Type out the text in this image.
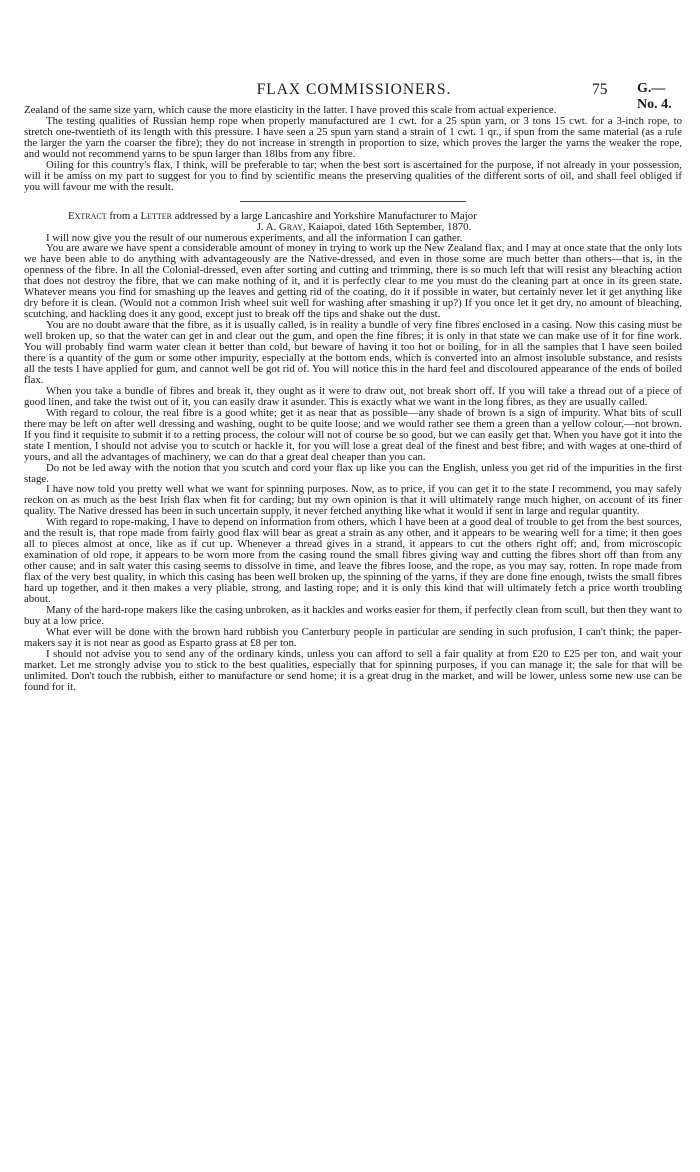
FLAX COMMISSIONERS.	75 G.—No. 4.

Zealand of the same size yarn, which cause the more elasticity in the latter. I have proved this scale from actual experience.

The testing qualities of Russian hemp rope when properly manufactured are 1 cwt. for a 25 spun yarn, or 3 tons 15 cwt. for a 3-inch rope, to stretch one-twentieth of its length with this pressure. I have seen a 25 spun yarn stand a strain of 1 cwt. 1 qr., if spun from the same material (as a rule the larger the yarn the coarser the fibre); they do not increase in strength in proportion to size, which proves the larger the yarns the weaker the rope, and would not recommend yarns to be spun larger than 18lbs from any fibre.

Oiling for this country's flax, I think, will be preferable to tar; when the best sort is ascertained for the purpose, if not already in your possession, will it be amiss on my part to suggest for you to find by scientific means the preserving qualities of the different sorts of oil, and shall feel obliged if you will favour me with the result.

Extract from a Letter addressed by a large Lancashire and Yorkshire Manufacturer to Major
J. A. Gray, Kaiapoi, dated 16th September, 1870.

I will now give you the result of our numerous experiments, and all the information I can gather.

You are aware we have spent a considerable amount of money in trying to work up the New Zealand flax, and I may at once state that the only lots we have been able to do anything with advantageously are the Native-dressed, and even in those some are much better than others—that is, in the openness of the fibre. In all the Colonial-dressed, even after sorting and cutting and trimming, there is so much left that will resist any bleaching action that does not destroy the fibre, that we can make nothing of it, and it is perfectly clear to me you must do the cleaning part at once in its green state. Whatever means you find for smashing up the leaves and getting rid of the coating, do it if possible in water, but certainly never let it get anything like dry before it is clean. (Would not a common Irish wheel suit well for washing after smashing it up?) If you once let it get dry, no amount of bleaching, scutching, and hackling does it any good, except just to break off the tips and shake out the dust.

You are no doubt aware that the fibre, as it is usually called, is in reality a bundle of very fine fibres enclosed in a casing. Now this casing must be well broken up, so that the water can get in and clear out the gum, and open the fine fibres; it is only in that state we can make use of it for fine work. You will probably find warm water clean it better than cold, but beware of having it too hot or boiling, for in all the samples that I have seen boiled there is a quantity of the gum or some other impurity, especially at the bottom ends, which is converted into an almost insoluble substance, and resists all the tests I have applied for gum, and cannot well be got rid of. You will notice this in the hard feel and discoloured appearance of the ends of boiled flax.

When you take a bundle of fibres and break it, they ought as it were to draw out, not break short off. If you will take a thread out of a piece of good linen, and take the twist out of it, you can easily draw it asunder. This is exactly what we want in the long fibres, as they are usually called.

With regard to colour, the real fibre is a good white; get it as near that as possible—any shade of brown is a sign of impurity. What bits of scull there may be left on after well dressing and washing, ought to be quite loose; and we would rather see them a green than a yellow colour,—not brown. If you find it requisite to submit it to a retting process, the colour will not of course be so good, but we can easily get that. When you have got it into the state I mention, I should not advise you to scutch or hackle it, for you will lose a great deal of the finest and best fibre; and with wages at one-third of yours, and all the advantages of machinery, we can do that a great deal cheaper than you can.

Do not be led away with the notion that you scutch and cord your flax up like you can the English, unless you get rid of the impurities in the first stage.

I have now told you pretty well what we want for spinning purposes. Now, as to price, if you can get it to the state I recommend, you may safely reckon on as much as the best Irish flax when fit for carding; but my own opinion is that it will ultimately range much higher, on account of its finer quality. The Native dressed has been in such uncertain supply, it never fetched anything like what it would if sent in large and regular quantity.

With regard to rope-making, I have to depend on information from others, which I have been at a good deal of trouble to get from the best sources, and the result is, that rope made from fairly good flax will bear as great a strain as any other, and it appears to be wearing well for a time; it then goes all to pieces almost at once, like as if cut up. Whenever a thread gives in a strand, it appears to cut the others right off; and, from microscopic examination of old rope, it appears to be worn more from the casing round the small fibres giving way and cutting the fibres short off than from any other cause; and in salt water this casing seems to dissolve in time, and leave the fibres loose, and the rope, as you may say, rotten. In rope made from flax of the very best quality, in which this casing has been well broken up, the spinning of the yarns, if they are done fine enough, twists the small fibres hard up together, and it then makes a very pliable, strong, and lasting rope; and it is only this kind that will ultimately fetch a price worth troubling about.

Many of the hard-rope makers like the casing unbroken, as it hackles and works easier for them, if perfectly clean from scull, but then they want to buy at a low price.

What ever will be done with the brown hard rubbish you Canterbury people in particular are sending in such profusion, I can't think; the paper-makers say it is not near as good as Esparto grass at £8 per ton.

I should not advise you to send any of the ordinary kinds, unless you can afford to sell a fair quality at from £20 to £25 per ton, and wait your market. Let me strongly advise you to stick to the best qualities, especially that for spinning purposes, if you can manage it; the sale for that will be unlimited. Don't touch the rubbish, either to manufacture or send home; it is a great drug in the market, and will be lower, unless some new use can be found for it.
